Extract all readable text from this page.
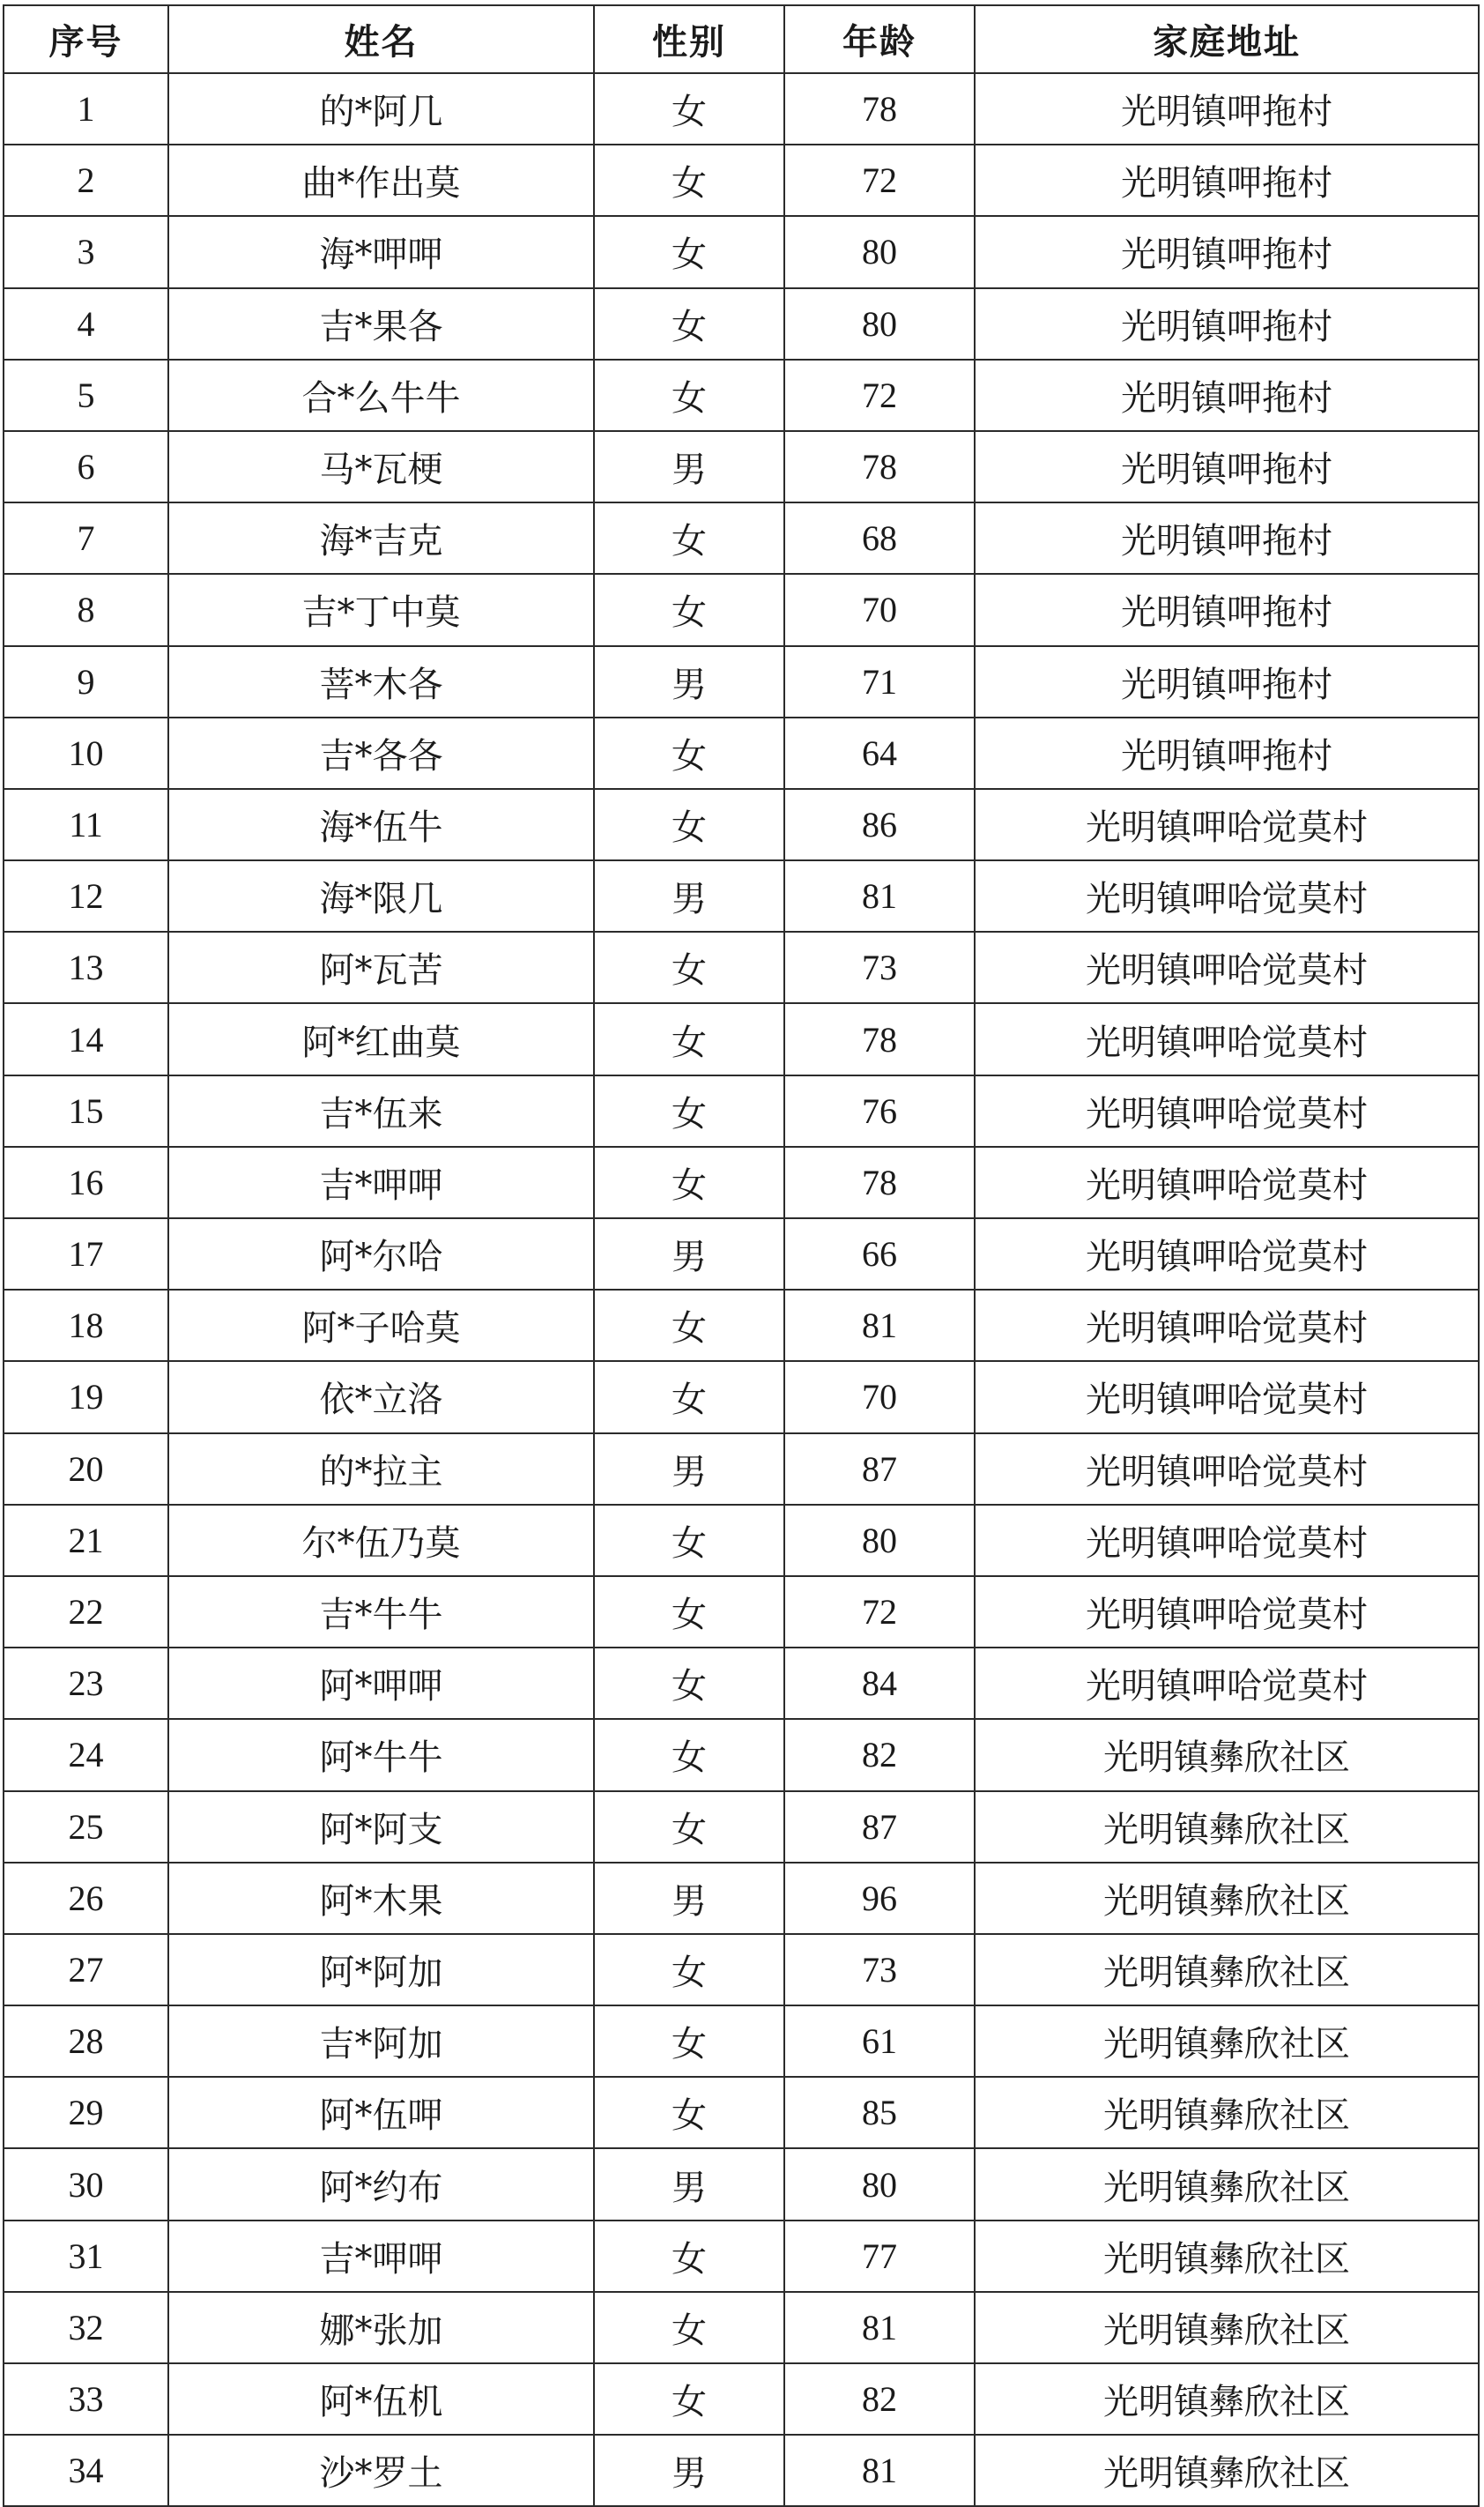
序号	姓名	性别	年龄	家庭地址
1	的*阿几	女	78	光明镇呷拖村
2	曲*作出莫	女	72	光明镇呷拖村
3	海*呷呷	女	80	光明镇呷拖村
4	吉*果各	女	80	光明镇呷拖村
5	合*么牛牛	女	72	光明镇呷拖村
6	马*瓦梗	男	78	光明镇呷拖村
7	海*吉克	女	68	光明镇呷拖村
8	吉*丁中莫	女	70	光明镇呷拖村
9	菩*木各	男	71	光明镇呷拖村
10	吉*各各	女	64	光明镇呷拖村
11	海*伍牛	女	86	光明镇呷哈觉莫村
12	海*限几	男	81	光明镇呷哈觉莫村
13	阿*瓦苦	女	73	光明镇呷哈觉莫村
14	阿*红曲莫	女	78	光明镇呷哈觉莫村
15	吉*伍来	女	76	光明镇呷哈觉莫村
16	吉*呷呷	女	78	光明镇呷哈觉莫村
17	阿*尔哈	男	66	光明镇呷哈觉莫村
18	阿*子哈莫	女	81	光明镇呷哈觉莫村
19	依*立洛	女	70	光明镇呷哈觉莫村
20	的*拉主	男	87	光明镇呷哈觉莫村
21	尔*伍乃莫	女	80	光明镇呷哈觉莫村
22	吉*牛牛	女	72	光明镇呷哈觉莫村
23	阿*呷呷	女	84	光明镇呷哈觉莫村
24	阿*牛牛	女	82	光明镇彝欣社区
25	阿*阿支	女	87	光明镇彝欣社区
26	阿*木果	男	96	光明镇彝欣社区
27	阿*阿加	女	73	光明镇彝欣社区
28	吉*阿加	女	61	光明镇彝欣社区
29	阿*伍呷	女	85	光明镇彝欣社区
30	阿*约布	男	80	光明镇彝欣社区
31	吉*呷呷	女	77	光明镇彝欣社区
32	娜*张加	女	81	光明镇彝欣社区
33	阿*伍机	女	82	光明镇彝欣社区
34	沙*罗土	男	81	光明镇彝欣社区
